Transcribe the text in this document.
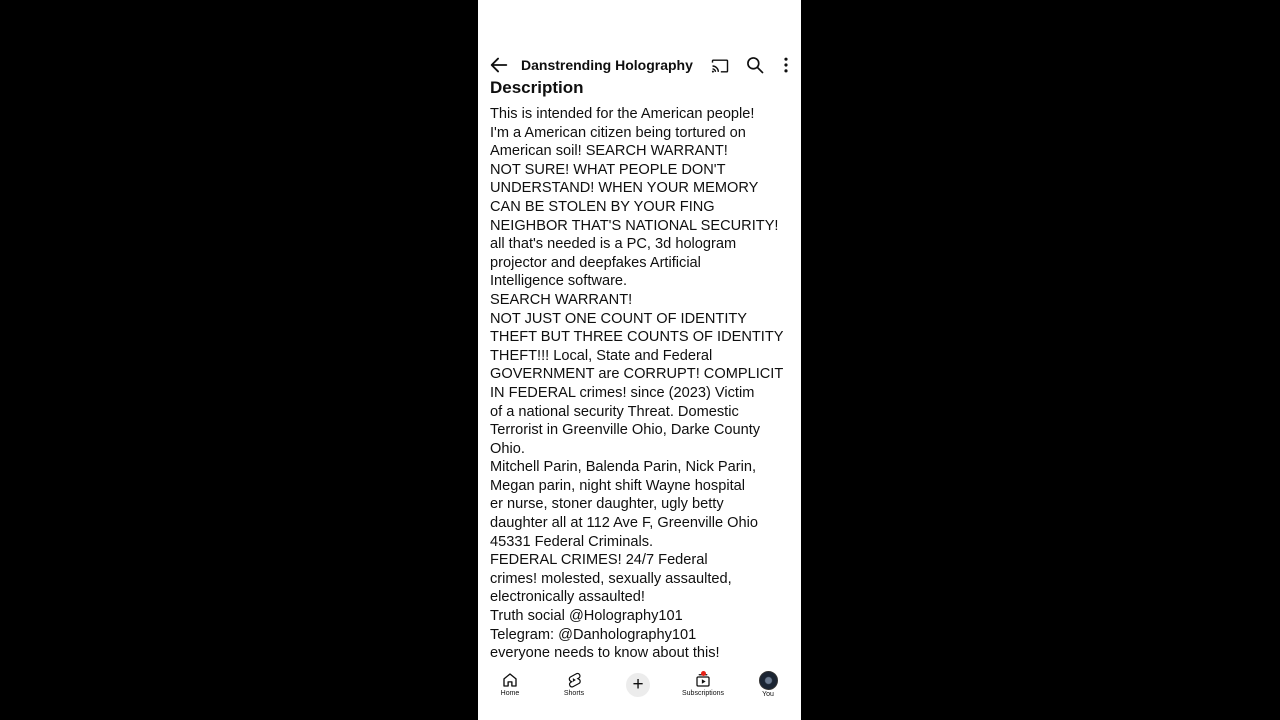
Danstrending Holography
Description
This is intended for the American people!
I'm a American citizen being tortured on
American soil! SEARCH WARRANT!
NOT SURE! WHAT PEOPLE DON'T
UNDERSTAND! WHEN YOUR MEMORY
CAN BE STOLEN BY YOUR FING
NEIGHBOR THAT'S NATIONAL SECURITY!
all that's needed is a PC, 3d hologram
projector and deepfakes Artificial
Intelligence software.
SEARCH WARRANT!
NOT JUST ONE COUNT OF IDENTITY
THEFT BUT THREE COUNTS OF IDENTITY
THEFT!!! Local, State and Federal
GOVERNMENT are CORRUPT! COMPLICIT
IN FEDERAL crimes! since (2023) Victim
of a national security Threat. Domestic
Terrorist in Greenville Ohio, Darke County
Ohio.
Mitchell Parin, Balenda Parin, Nick Parin,
Megan parin, night shift Wayne hospital
er nurse, stoner daughter, ugly betty
daughter all at 112 Ave F, Greenville Ohio
45331 Federal Criminals.
FEDERAL CRIMES! 24/7 Federal
crimes! molested, sexually assaulted,
electronically assaulted!
Truth social @Holography101
Telegram: @Danholography101
everyone needs to know about this!
Home	Shorts	+	Subscriptions	You
